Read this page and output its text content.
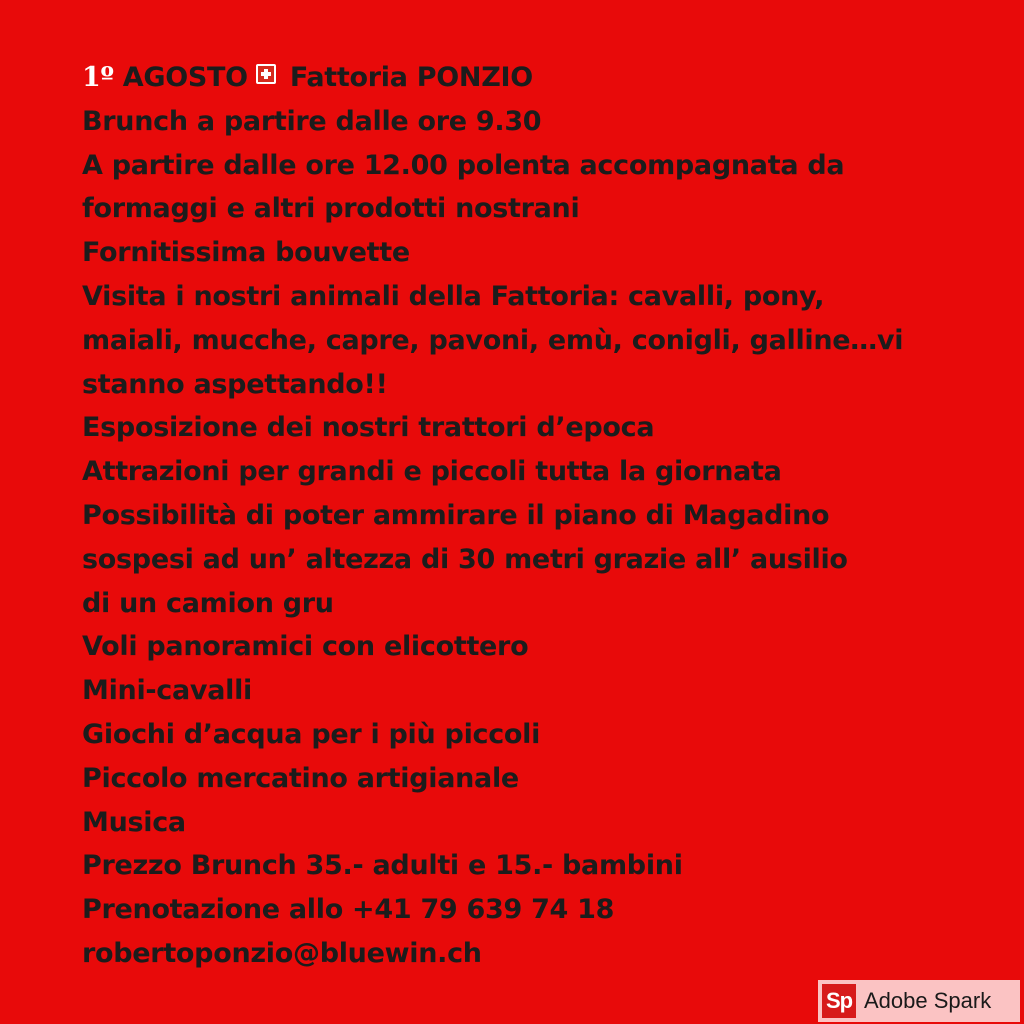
1º AGOSTO Fattoria PONZIO
Brunch a partire dalle ore 9.30
A partire dalle ore 12.00 polenta accompagnata da
formaggi e altri prodotti nostrani
Fornitissima bouvette
Visita i nostri animali della Fattoria: cavalli, pony,
maiali, mucche, capre, pavoni, emù, conigli, galline…vi
stanno aspettando!!
Esposizione dei nostri trattori d’epoca
Attrazioni per grandi e piccoli tutta la giornata
Possibilità di poter ammirare il piano di Magadino
sospesi ad un’ altezza di 30 metri grazie all’ ausilio
di un camion gru
Voli panoramici con elicottero
Mini-cavalli
Giochi d’acqua per i più piccoli
Piccolo mercatino artigianale
Musica
Prezzo Brunch 35.- adulti e 15.- bambini
Prenotazione allo +41 79 639 74 18
robertoponzio@bluewin.ch
Sp Adobe Spark
